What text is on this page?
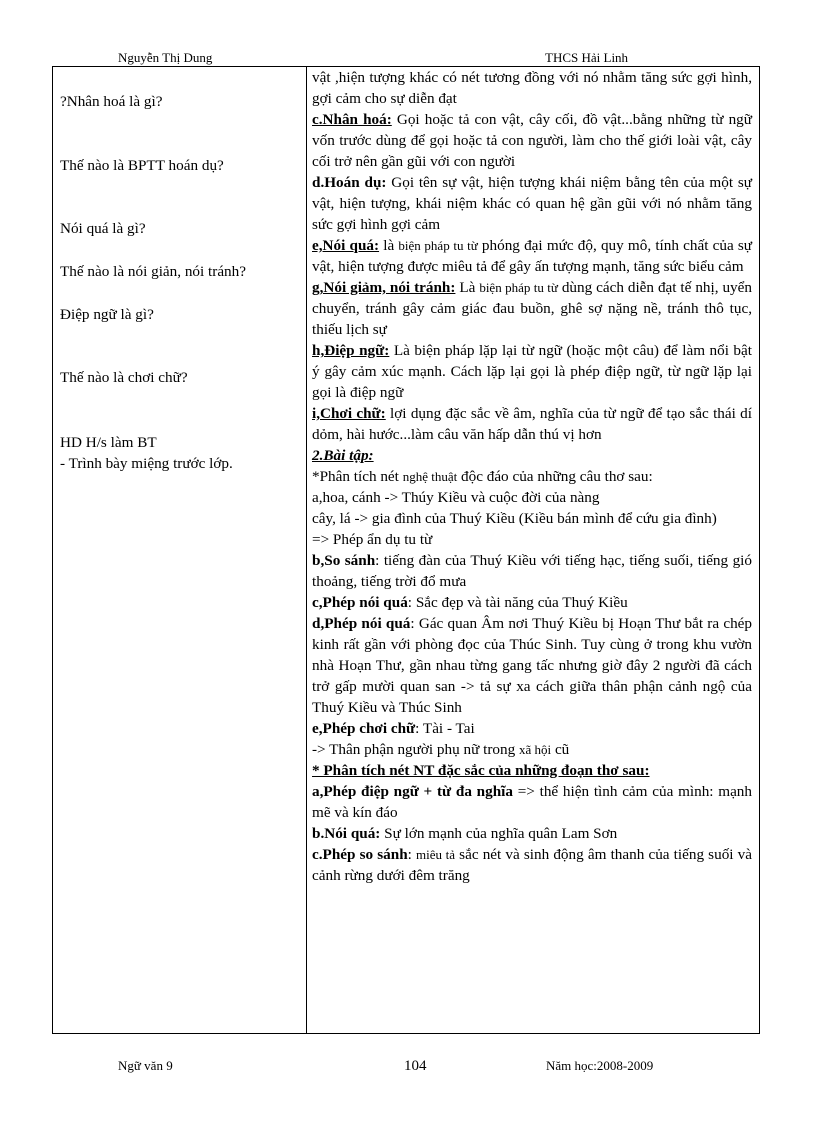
Nguyễn Thị Dung	THCS Hải Linh
?Nhân hoá là gì?
Thế nào là BPTT hoán dụ?
Nói quá là gì?
Thế nào là nói giản, nói tránh?
Điệp ngữ là gì?
Thế nào là chơi chữ?
HD H/s làm BT
- Trình bày miệng trước lớp.

vật ,hiện tượng khác có nét tương đồng với nó nhằm tăng sức gợi hình, gợi cảm cho sự diễn đạt

c.Nhân hoá: Gọi hoặc tả con vật, cây cối, đồ vật...bằng những từ ngữ vốn trước dùng để gọi hoặc tả con người, làm cho thế giới loài vật, cây cối trở nên gần gũi với con người

d.Hoán dụ: Gọi tên sự vật, hiện tượng khái niệm bằng tên của một sự vật, hiện tượng, khái niệm khác có quan hệ gần gũi với nó nhằm tăng sức gợi hình gợi cảm

e,Nói quá: là biện pháp tu từ phóng đại mức độ, quy mô, tính chất của sự vật, hiện tượng được miêu tả để gây ấn tượng mạnh, tăng sức biểu cảm

g,Nói giảm, nói tránh: Là biện pháp tu từ dùng cách diễn đạt tế nhị, uyển chuyển, tránh gây cảm giác đau buồn, ghê sợ nặng nề, tránh thô tục, thiếu lịch sự

h,Điệp ngữ: Là biện pháp lặp lại từ ngữ (hoặc một câu) để làm nổi bật ý gây cảm xúc mạnh. Cách lặp lại gọi là phép điệp ngữ, từ ngữ lặp lại gọi là điệp ngữ

i,Chơi chữ: lợi dụng đặc sắc về âm, nghĩa của từ ngữ để tạo sắc thái dí dỏm, hài hước...làm câu văn hấp dẫn thú vị hơn

2.Bài tập:

*Phân tích nét nghệ thuật độc đáo của những câu thơ sau:

a,hoa, cánh -> Thúy Kiều và cuộc đời của nàng

cây, lá -> gia đình của Thuý Kiều (Kiều bán mình để cứu gia đình)

=> Phép ẩn dụ tu từ

b,So sánh: tiếng đàn của Thuý Kiều với tiếng hạc, tiếng suối, tiếng gió thoảng, tiếng trời đổ mưa

c,Phép nói quá: Sắc đẹp và tài năng của Thuý Kiều

d,Phép nói quá: Gác quan Âm nơi Thuý Kiều bị Hoạn Thư bắt ra chép kinh rất gần với phòng đọc của Thúc Sinh. Tuy cùng ở trong khu vườn nhà Hoạn Thư, gần nhau từng gang tấc nhưng giờ đây 2 người đã cách trở gấp mười quan san -> tả sự xa cách giữa thân phận cảnh ngộ của Thuý Kiều và Thúc Sinh

e,Phép chơi chữ: Tài - Tai

-> Thân phận người phụ nữ trong xã hội cũ

* Phân tích nét NT đặc sắc của những đoạn thơ sau:

a,Phép điệp ngữ + từ đa nghĩa => thể hiện tình cảm của mình: mạnh mẽ và kín đáo

b.Nói quá: Sự lớn mạnh của nghĩa quân Lam Sơn

c.Phép so sánh: miêu tả sắc nét và sinh động âm thanh của tiếng suối và cảnh rừng dưới đêm trăng

Ngữ văn 9	104	Năm học:2008-2009
